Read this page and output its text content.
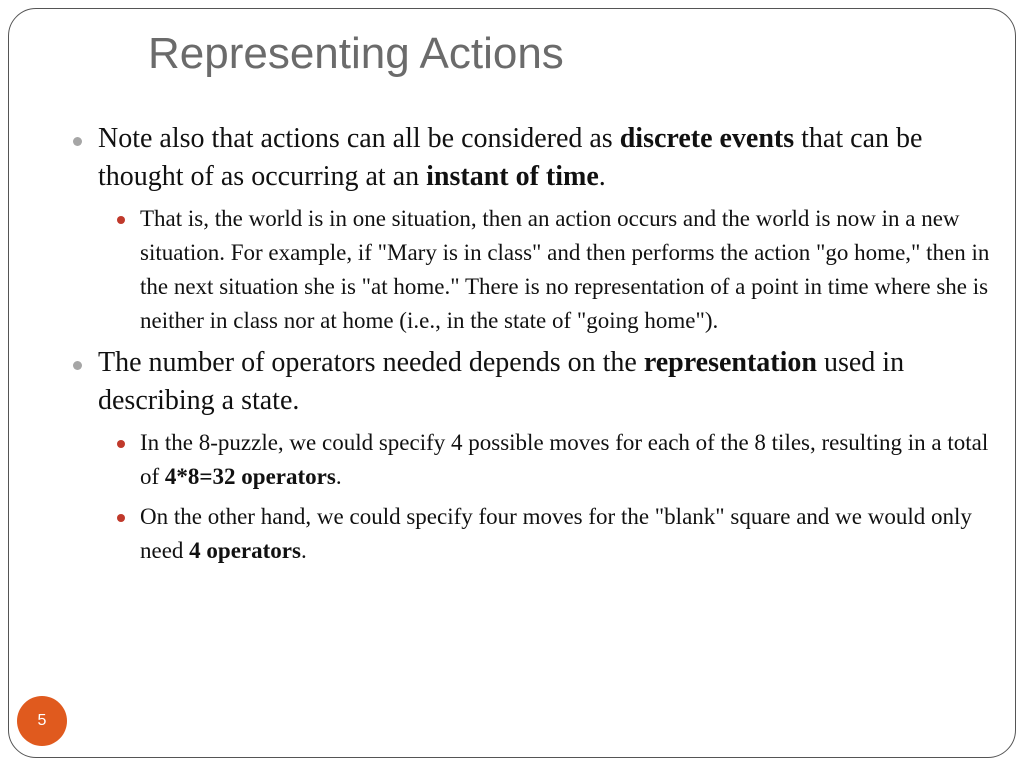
Representing Actions
Note also that actions can all be considered as discrete events that can be thought of as occurring at an instant of time.
That is, the world is in one situation, then an action occurs and the world is now in a new situation. For example, if "Mary is in class" and then performs the action "go home," then in the next situation she is "at home." There is no representation of a point in time where she is neither in class nor at home (i.e., in the state of "going home").
The number of operators needed depends on the representation used in describing a state.
In the 8-puzzle, we could specify 4 possible moves for each of the 8 tiles, resulting in a total of 4*8=32 operators.
On the other hand, we could specify four moves for the "blank" square and we would only need 4 operators.
5
